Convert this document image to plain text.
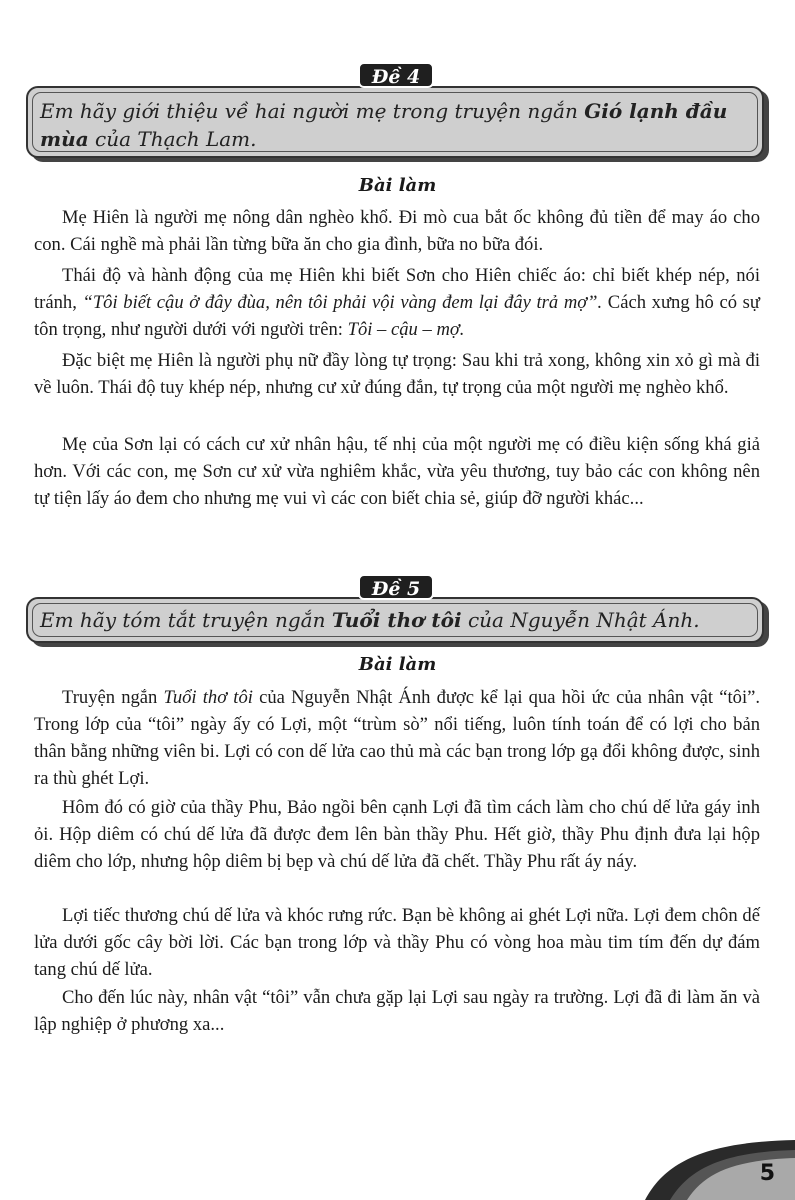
Đề 4
Em hãy giới thiệu về hai người mẹ trong truyện ngắn Gió lạnh đầu mùa của Thạch Lam.
Bài làm

Mẹ Hiên là người mẹ nông dân nghèo khổ. Đi mò cua bắt ốc không đủ tiền để may áo cho con. Cái nghề mà phải lần từng bữa ăn cho gia đình, bữa no bữa đói.

Thái độ và hành động của mẹ Hiên khi biết Sơn cho Hiên chiếc áo: chỉ biết khép nép, nói tránh, “Tôi biết cậu ở đây đùa, nên tôi phải vội vàng đem lại đây trả mợ”. Cách xưng hô có sự tôn trọng, như người dưới với người trên: Tôi – cậu – mợ.

Đặc biệt mẹ Hiên là người phụ nữ đầy lòng tự trọng: Sau khi trả xong, không xin xỏ gì mà đi về luôn. Thái độ tuy khép nép, nhưng cư xử đúng đắn, tự trọng của một người mẹ nghèo khổ.

Mẹ của Sơn lại có cách cư xử nhân hậu, tế nhị của một người mẹ có điều kiện sống khá giả hơn. Với các con, mẹ Sơn cư xử vừa nghiêm khắc, vừa yêu thương, tuy bảo các con không nên tự tiện lấy áo đem cho nhưng mẹ vui vì các con biết chia sẻ, giúp đỡ người khác...

Đề 5
Em hãy tóm tắt truyện ngắn Tuổi thơ tôi của Nguyễn Nhật Ánh.
Bài làm

Truyện ngắn Tuổi thơ tôi của Nguyễn Nhật Ánh được kể lại qua hồi ức của nhân vật “tôi”. Trong lớp của “tôi” ngày ấy có Lợi, một “trùm sò” nổi tiếng, luôn tính toán để có lợi cho bản thân bằng những viên bi. Lợi có con dế lửa cao thủ mà các bạn trong lớp gạ đổi không được, sinh ra thù ghét Lợi.

Hôm đó có giờ của thầy Phu, Bảo ngồi bên cạnh Lợi đã tìm cách làm cho chú dế lửa gáy inh ỏi. Hộp diêm có chú dế lửa đã được đem lên bàn thầy Phu. Hết giờ, thầy Phu định đưa lại hộp diêm cho lớp, nhưng hộp diêm bị bẹp và chú dế lửa đã chết. Thầy Phu rất áy náy.

Lợi tiếc thương chú dế lửa và khóc rưng rức. Bạn bè không ai ghét Lợi nữa. Lợi đem chôn dế lửa dưới gốc cây bời lời. Các bạn trong lớp và thầy Phu có vòng hoa màu tim tím đến dự đám tang chú dế lửa.

Cho đến lúc này, nhân vật “tôi” vẫn chưa gặp lại Lợi sau ngày ra trường. Lợi đã đi làm ăn và lập nghiệp ở phương xa...

5
